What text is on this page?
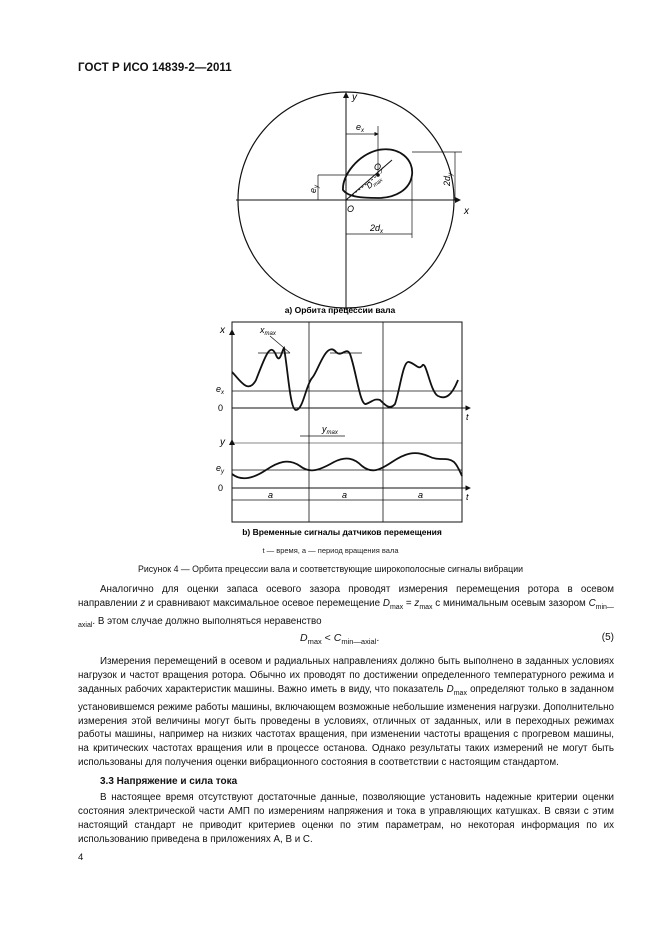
ГОСТ Р ИСО 14839-2—2011
y
x
O
$O_j$
$e_x$
$e_y$	$D_{max}$	$2d_y$
$2d_x$
а) Орбита прецессии вала
x	$x_{max}$
$e_x$
0
t
y
$y_{max}$
$e_y$
0
t
a	a	a
b) Временные сигналы датчиков перемещения
t — время, a — период вращения вала
Рисунок 4 — Орбита прецессии вала и соответствующие широкополосные сигналы вибрации
Аналогично для оценки запаса осевого зазора проводят измерения перемещения ротора в осевом направлении z и сравнивают максимальное осевое перемещение $D_{max} = z_{max}$ с минимальным осевым зазором $C_{min—axial}$. В этом случае должно выполняться неравенство
$D_{max} < C_{min—axial}$.	(5)
Измерения перемещений в осевом и радиальных направлениях должно быть выполнено в заданных условиях нагрузок и частот вращения ротора. Обычно их проводят по достижении определенного температурного режима и заданных рабочих характеристик машины. Важно иметь в виду, что показатель $D_{max}$ определяют только в заданном установившемся режиме работы машины, включающем возможные небольшие изменения нагрузки. Дополнительно измерения этой величины могут быть проведены в условиях, отличных от заданных, или в переходных режимах работы машины, например на низких частотах вращения, при изменении частоты вращения с прогревом машины, на критических частотах вращения или в процессе останова. Однако результаты таких измерений не могут быть использованы для получения оценки вибрационного состояния в соответствии с настоящим стандартом.
3.3 Напряжение и сила тока
В настоящее время отсутствуют достаточные данные, позволяющие установить надежные критерии оценки состояния электрической части АМП по измерениям напряжения и тока в управляющих катушках. В связи с этим настоящий стандарт не приводит критериев оценки по этим параметрам, но некоторая информация по их использованию приведена в приложениях А, В и С.
4
